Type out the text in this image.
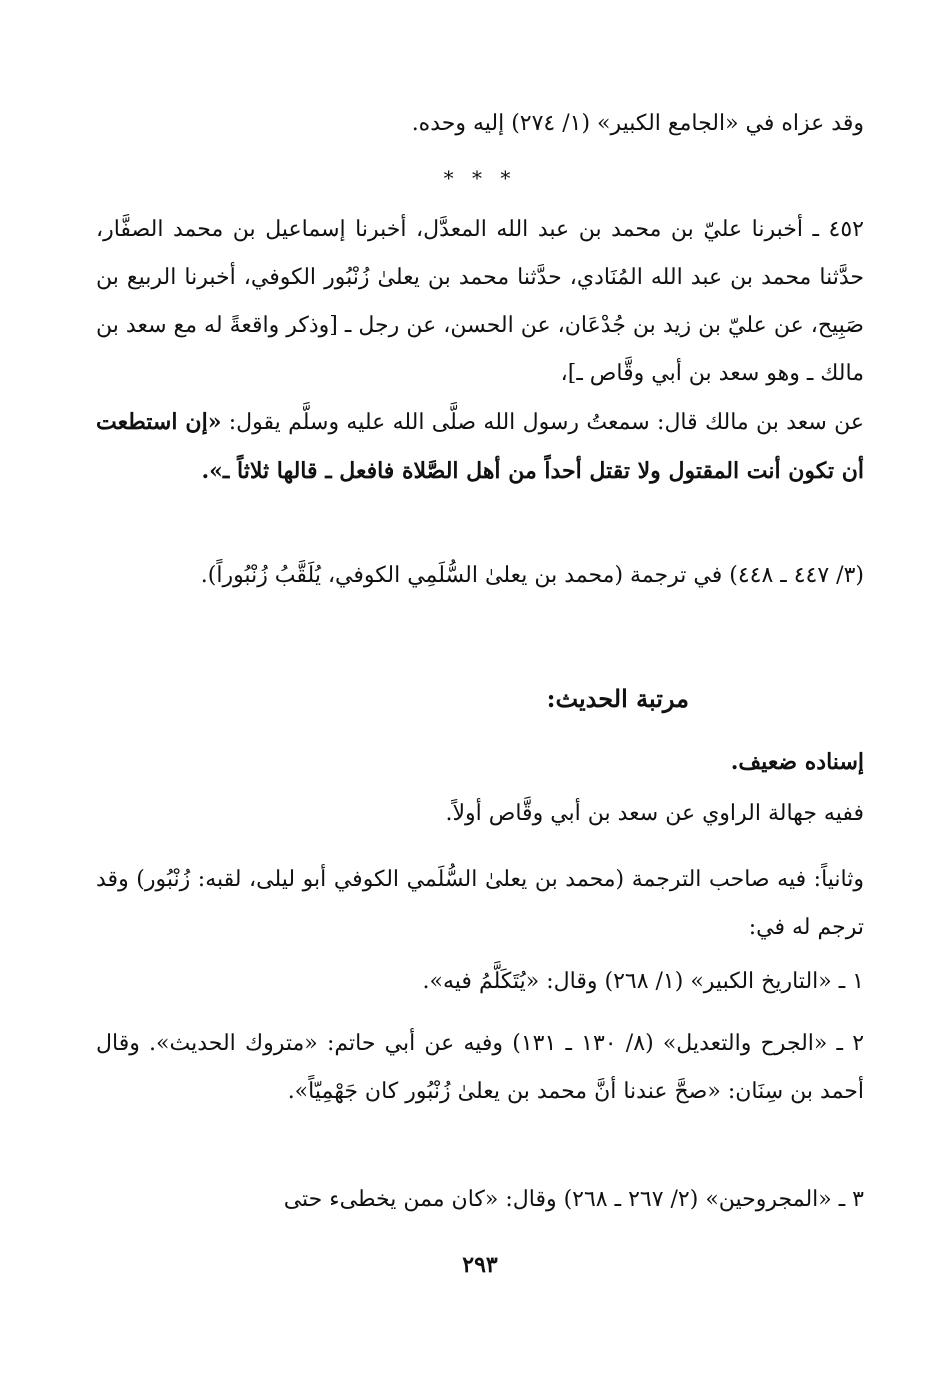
وقد عزاه في «الجامع الكبير» (١/ ٢٧٤) إليه وحده.

* * *

٤٥٢ ـ أخبرنا عليّ بن محمد بن عبد الله المعدَّل، أخبرنا إسماعيل بن محمد الصفَّار، حدَّثنا محمد بن عبد الله المُنَادي، حدَّثنا محمد بن يعلىٰ زُنْبُور الكوفي، أخبرنا الربيع بن صَبِيح، عن عليّ بن زيد بن جُدْعَان، عن الحسن، عن رجل ـ [وذكر واقعةً له مع سعد بن مالك ـ وهو سعد بن أبي وقَّاص ـ]،

عن سعد بن مالك قال: سمعتُ رسول الله صلَّى الله عليه وسلَّم يقول: «إن استطعت أن تكون أنت المقتول ولا تقتل أحداً من أهل الصَّلاة فافعل ـ قالها ثلاثاً ـ».

(٣/ ٤٤٧ ـ ٤٤٨) في ترجمة (محمد بن يعلىٰ السُّلَمِي الكوفي، يُلَقَّبُ زُنْبُوراً).

مرتبة الحديث:

إسناده ضعيف.

ففيه جهالة الراوي عن سعد بن أبي وقَّاص أولاً.

وثانياً: فيه صاحب الترجمة (محمد بن يعلىٰ السُّلَمي الكوفي أبو ليلى، لقبه: زُنْبُور) وقد ترجم له في:

١ ـ «التاريخ الكبير» (١/ ٢٦٨) وقال: «يُتَكَلَّمُ فيه».

٢ ـ «الجرح والتعديل» (٨/ ١٣٠ ـ ١٣١) وفيه عن أبي حاتم: «متروك الحديث». وقال أحمد بن سِنَان: «صحَّ عندنا أنَّ محمد بن يعلىٰ زُنْبُور كان جَهْمِيّاً».

٣ ـ «المجروحين» (٢/ ٢٦٧ ـ ٢٦٨) وقال: «كان ممن يخطىء حتى

٢٩٣
